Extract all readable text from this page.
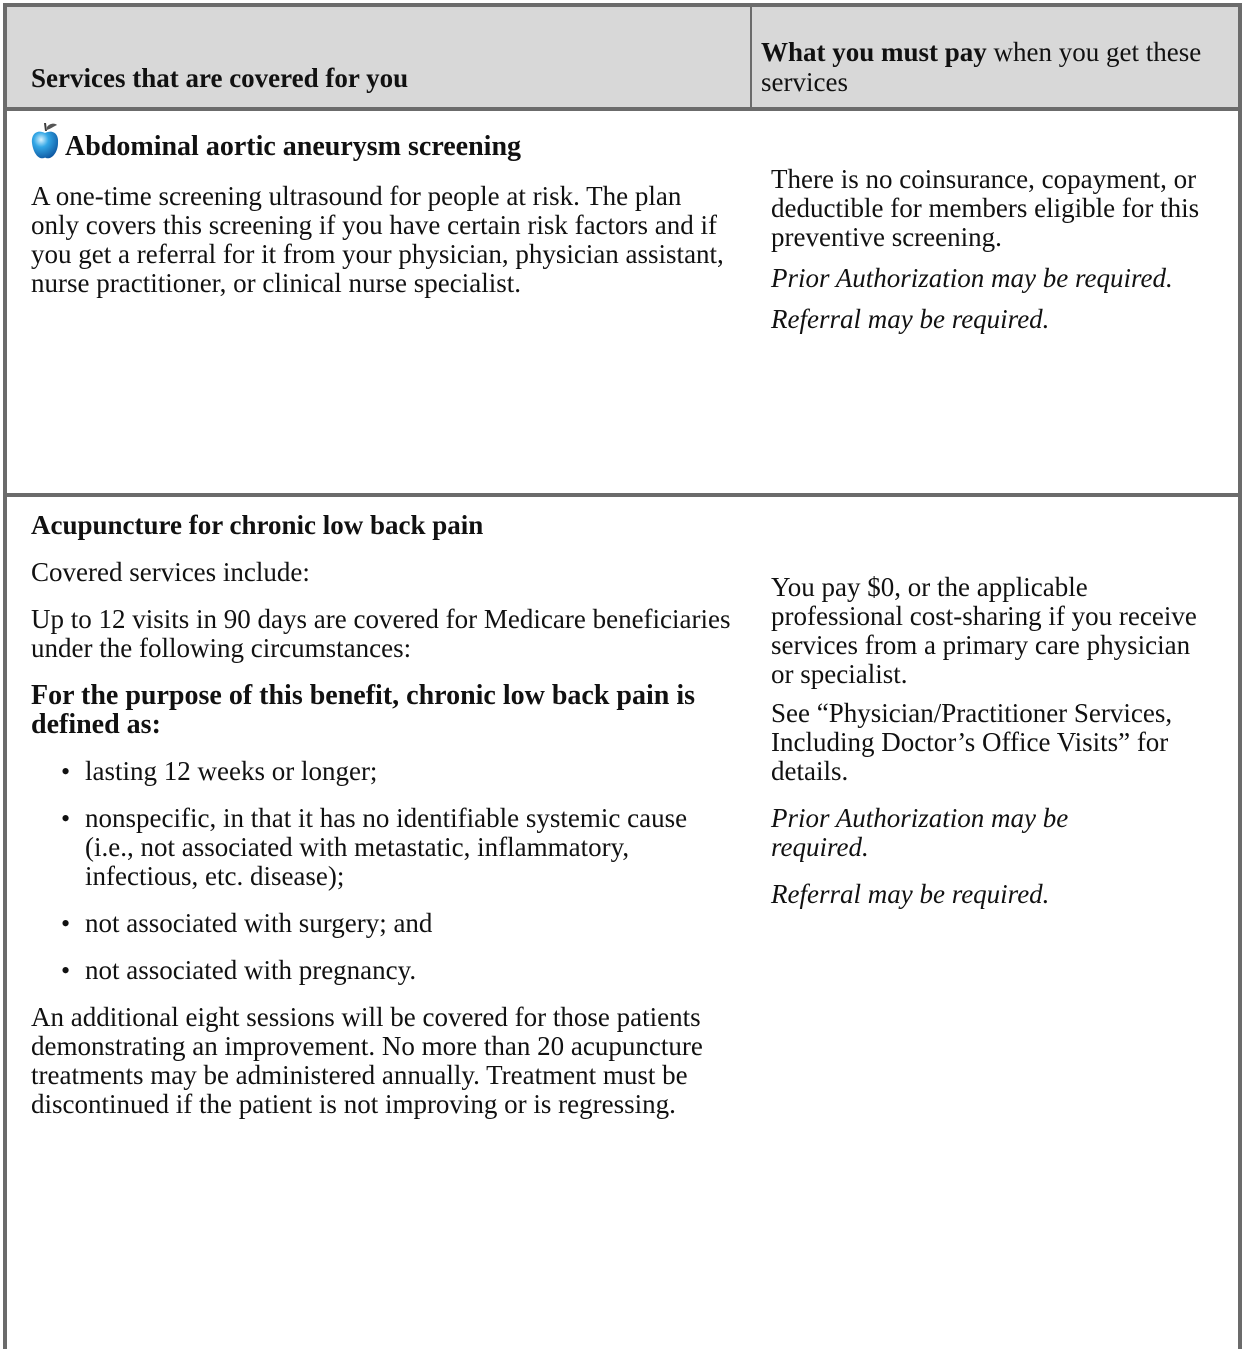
Services that are covered for you
What you must pay when you get these services
Abdominal aortic aneurysm screening

A one-time screening ultrasound for people at risk. The plan only covers this screening if you have certain risk factors and if you get a referral for it from your physician, physician assistant, nurse practitioner, or clinical nurse specialist.

There is no coinsurance, copayment, or deductible for members eligible for this preventive screening.

Prior Authorization may be required.

Referral may be required.

Acupuncture for chronic low back pain

Covered services include:

Up to 12 visits in 90 days are covered for Medicare beneficiaries under the following circumstances:

For the purpose of this benefit, chronic low back pain is defined as:

• lasting 12 weeks or longer;
• nonspecific, in that it has no identifiable systemic cause (i.e., not associated with metastatic, inflammatory, infectious, etc. disease);
• not associated with surgery; and
• not associated with pregnancy.

An additional eight sessions will be covered for those patients demonstrating an improvement. No more than 20 acupuncture treatments may be administered annually. Treatment must be discontinued if the patient is not improving or is regressing.

You pay $0, or the applicable professional cost-sharing if you receive services from a primary care physician or specialist.

See “Physician/Practitioner Services, Including Doctor’s Office Visits” for details.

Prior Authorization may be required.

Referral may be required.
